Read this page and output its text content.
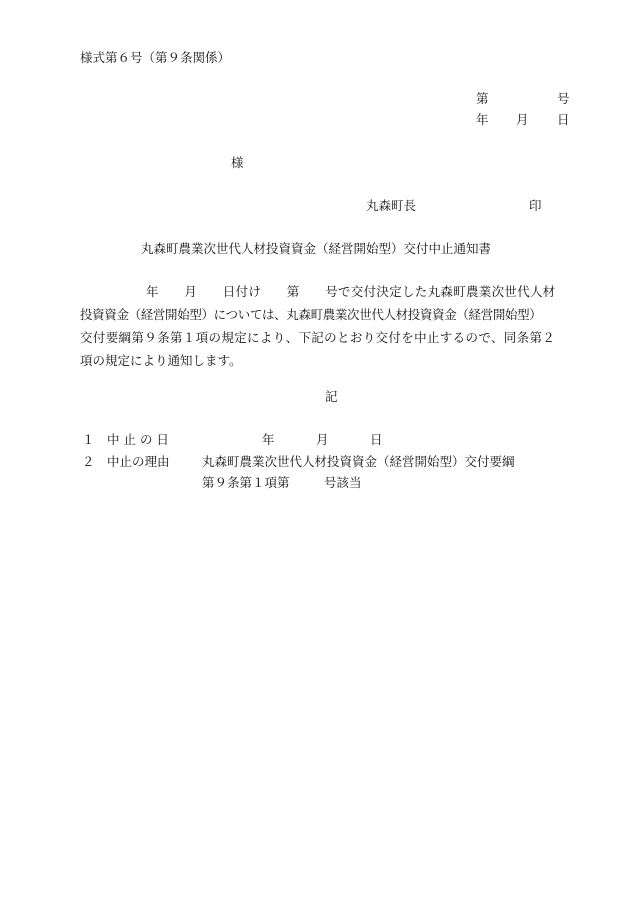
様式第６号（第９条関係）
第	号
年 月 日
様
丸森町長	印
丸森町農業次世代人材投資資金（経営開始型）交付中止通知書
年　　月　　日付け　　第　　号で交付決定した丸森町農業次世代人材
投資資金（経営開始型）については、丸森町農業次世代人材投資資金（経営開始型）
交付要綱第９条第１項の規定により、下記のとおり交付を中止するので、同条第２
項の規定により通知します。
記
１ 中 止 の 日	年	月	日
２ 中止の理由	丸森町農業次世代人材投資資金（経営開始型）交付要綱
第９条第１項第	号該当
